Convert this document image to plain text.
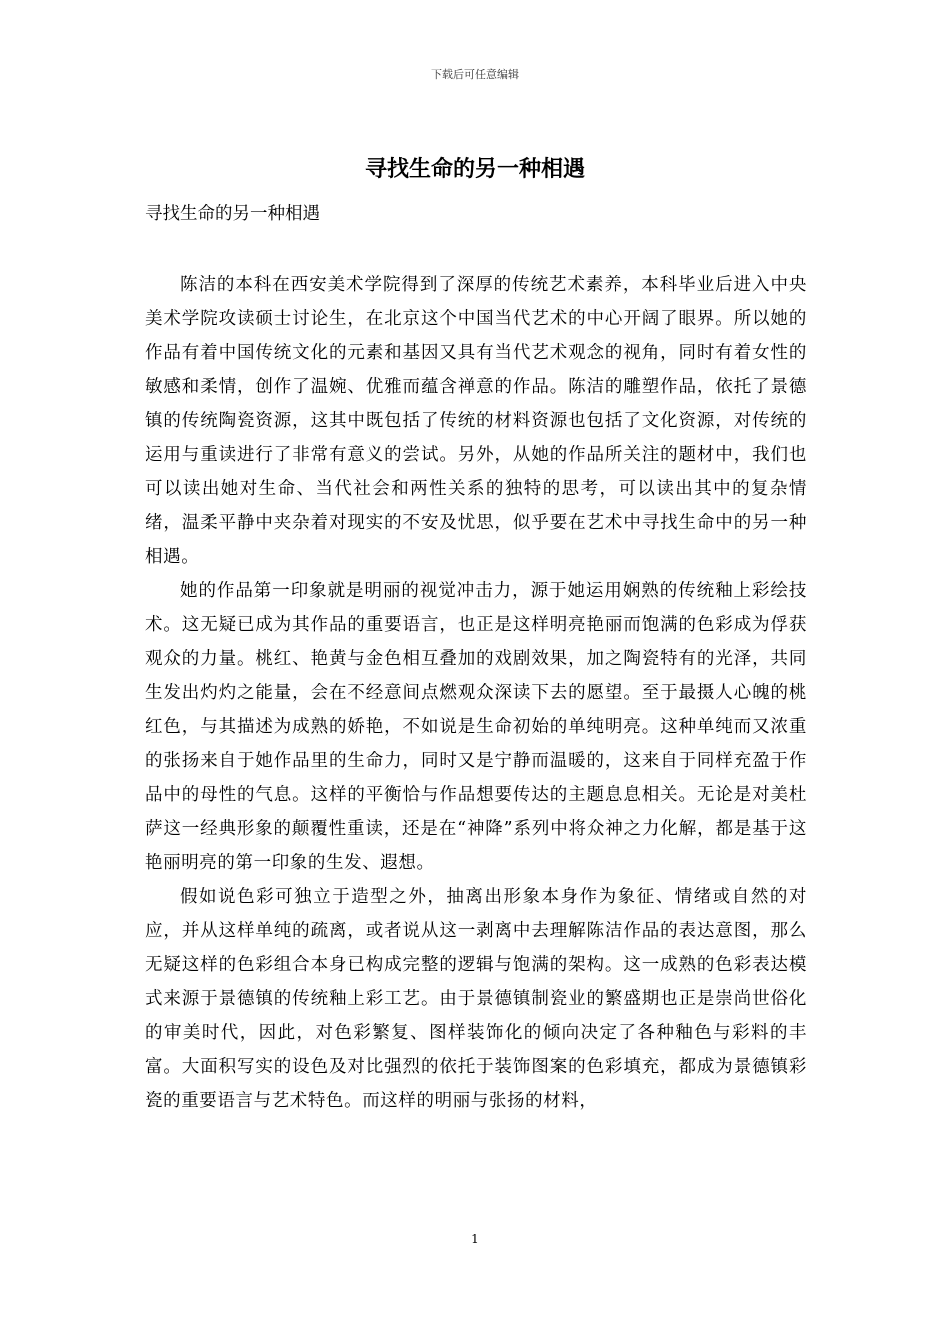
下载后可任意编辑
寻找生命的另一种相遇
寻找生命的另一种相遇

陈洁的本科在西安美术学院得到了深厚的传统艺术素养，本科毕业后进入中央美术学院攻读硕士讨论生，在北京这个中国当代艺术的中心开阔了眼界。所以她的作品有着中国传统文化的元素和基因又具有当代艺术观念的视角，同时有着女性的敏感和柔情，创作了温婉、优雅而蕴含禅意的作品。陈洁的雕塑作品，依托了景德镇的传统陶瓷资源，这其中既包括了传统的材料资源也包括了文化资源，对传统的运用与重读进行了非常有意义的尝试。另外，从她的作品所关注的题材中，我们也可以读出她对生命、当代社会和两性关系的独特的思考，可以读出其中的复杂情绪，温柔平静中夹杂着对现实的不安及忧思，似乎要在艺术中寻找生命中的另一种相遇。

她的作品第一印象就是明丽的视觉冲击力，源于她运用娴熟的传统釉上彩绘技术。这无疑已成为其作品的重要语言，也正是这样明亮艳丽而饱满的色彩成为俘获观众的力量。桃红、艳黄与金色相互叠加的戏剧效果，加之陶瓷特有的光泽，共同生发出灼灼之能量，会在不经意间点燃观众深读下去的愿望。至于最摄人心魄的桃红色，与其描述为成熟的娇艳，不如说是生命初始的单纯明亮。这种单纯而又浓重的张扬来自于她作品里的生命力，同时又是宁静而温暖的，这来自于同样充盈于作品中的母性的气息。这样的平衡恰与作品想要传达的主题息息相关。无论是对美杜萨这一经典形象的颠覆性重读，还是在“神降”系列中将众神之力化解，都是基于这艳丽明亮的第一印象的生发、遐想。

假如说色彩可独立于造型之外，抽离出形象本身作为象征、情绪或自然的对应，并从这样单纯的疏离，或者说从这一剥离中去理解陈洁作品的表达意图，那么无疑这样的色彩组合本身已构成完整的逻辑与饱满的架构。这一成熟的色彩表达模式来源于景德镇的传统釉上彩工艺。由于景德镇制瓷业的繁盛期也正是崇尚世俗化的审美时代，因此，对色彩繁复、图样装饰化的倾向决定了各种釉色与彩料的丰富。大面积写实的设色及对比强烈的依托于装饰图案的色彩填充，都成为景德镇彩瓷的重要语言与艺术特色。而这样的明丽与张扬的材料，

1
